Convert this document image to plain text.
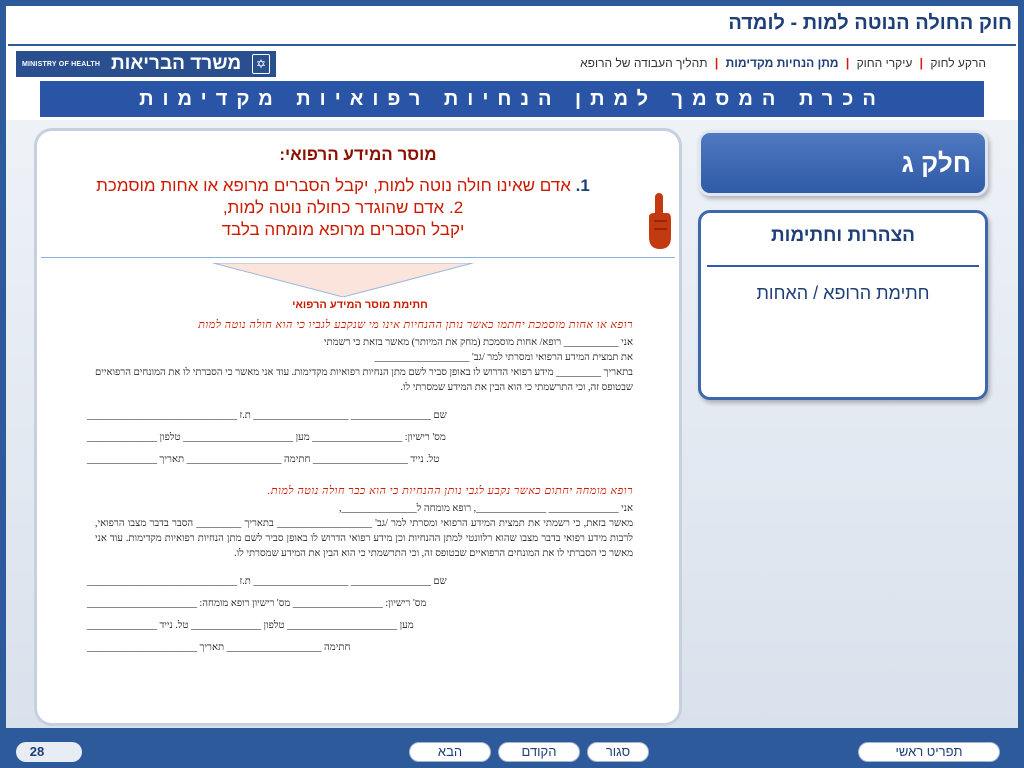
חוק החולה הנוטה למות - לומדה
MINISTRY OF HEALTH משרד הבריאות	✡	הרקע לחוק | עיקרי החוק | מתן הנחיות מקדימות | תהליך העבודה של הרופא
הכרת המסמך למתן הנחיות רפואיות מקדימות
מוסר המידע הרפואי:
1. אדם שאינו חולה נוטה למות, יקבל הסברים מרופא או אחות מוסמכת
2. אדם שהוגדר כחולה נוטה למות,
יקבל הסברים מרופא מומחה בלבד
חתימת מוסר המידע הרפואי
רופא או אחות מוסמכת יחתמו כאשר נותן ההנחיות אינו מי שנקבע לגביו כי הוא חולה נוטה למות

אני ___________ רופא/ אחות מוסמכת (מחק את המיותר) מאשר בזאת כי רשמתי

את תמצית המידע הרפואי ומסרתי למר /גב' ___________________

בתאריך _________ מידע רפואי הדרוש לו באופן סביר לשם מתן הנחיות רפואיות מקדימות. עוד אני מאשר כי הסברתי לו את המונחים הרפואיים שבטופס זה, וכי התרשמתי כי הוא הבין את המידע שמסרתי לו.

שם ________________ ___________________ ת.ז ______________________________
מס' רישיון: __________________ מען ______________________ טלפון ______________
טל. נייד ___________________ חתימה ___________________ תאריך ______________
רופא מומחה יחתום כאשר נקבע לגבי נותן ההנחיות כי הוא כבר חולה נוטה למות.

אני ______________ ______________, רופא מומחה ל_______________,

מאשר בזאת, כי רשמתי את תמצית המידע הרפואי ומסרתי למר /גב' ___________________ בתאריך _________ הסבר בדבר מצבו הרפואי, לרבות מידע רפואי בדבר מצבו שהוא רלוונטי למתן ההנחיות וכן מידע רפואי הדרוש לו באופן סביר לשם מתן הנחיות רפואיות מקדימות. עוד אני מאשר כי הסברתי לו את המונחים הרפואיים שבטופס זה, וכי התרשמתי כי הוא הבין את המידע שמסרתי לו.

שם ________________ ___________________ ת.ז ______________________________
מס' רישיון: __________________ מס' רישיון רופא מומחה: ______________________
מען ______________________ טלפון ______________ טל. נייד ______________
חתימה ___________________ תאריך ______________________
חלק ג
הצהרות וחתימות
חתימת הרופא / האחות
28	הבא	הקודם	סגור	תפריט ראשי
